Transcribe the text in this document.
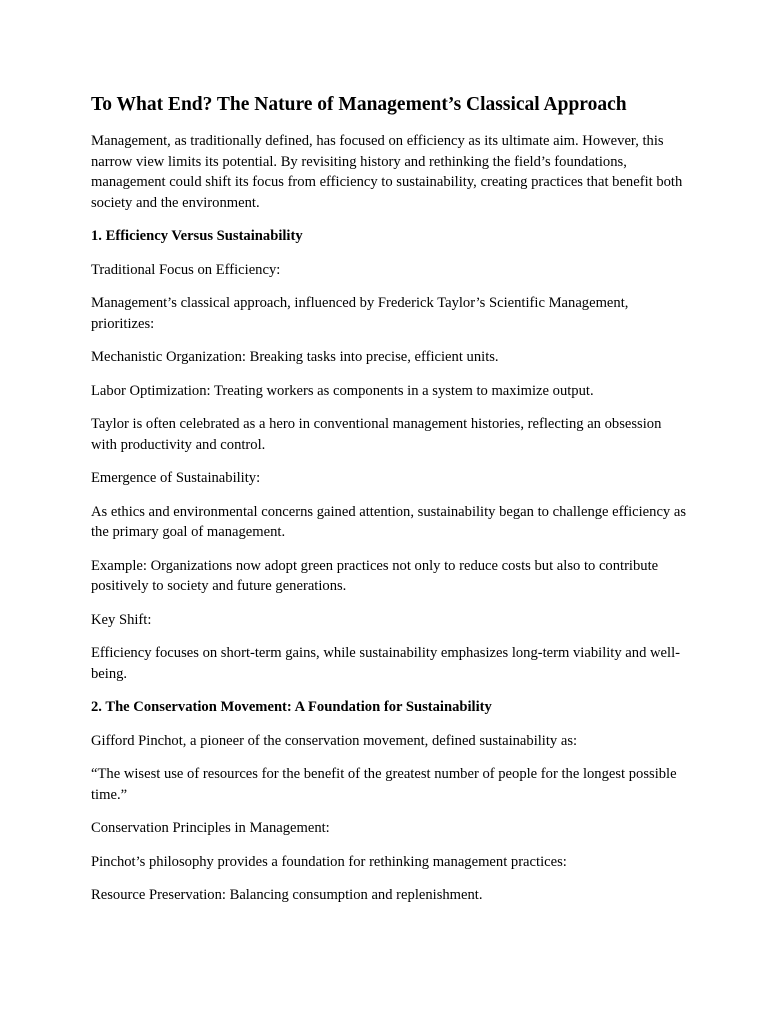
To What End? The Nature of Management’s Classical Approach

Management, as traditionally defined, has focused on efficiency as its ultimate aim. However, this narrow view limits its potential. By revisiting history and rethinking the field’s foundations, management could shift its focus from efficiency to sustainability, creating practices that benefit both society and the environment.

1. Efficiency Versus Sustainability

Traditional Focus on Efficiency:

Management’s classical approach, influenced by Frederick Taylor’s Scientific Management, prioritizes:

Mechanistic Organization: Breaking tasks into precise, efficient units.

Labor Optimization: Treating workers as components in a system to maximize output.

Taylor is often celebrated as a hero in conventional management histories, reflecting an obsession with productivity and control.

Emergence of Sustainability:

As ethics and environmental concerns gained attention, sustainability began to challenge efficiency as the primary goal of management.

Example: Organizations now adopt green practices not only to reduce costs but also to contribute positively to society and future generations.

Key Shift:

Efficiency focuses on short-term gains, while sustainability emphasizes long-term viability and well-being.

2. The Conservation Movement: A Foundation for Sustainability

Gifford Pinchot, a pioneer of the conservation movement, defined sustainability as:

“The wisest use of resources for the benefit of the greatest number of people for the longest possible time.”

Conservation Principles in Management:

Pinchot’s philosophy provides a foundation for rethinking management practices:

Resource Preservation: Balancing consumption and replenishment.
